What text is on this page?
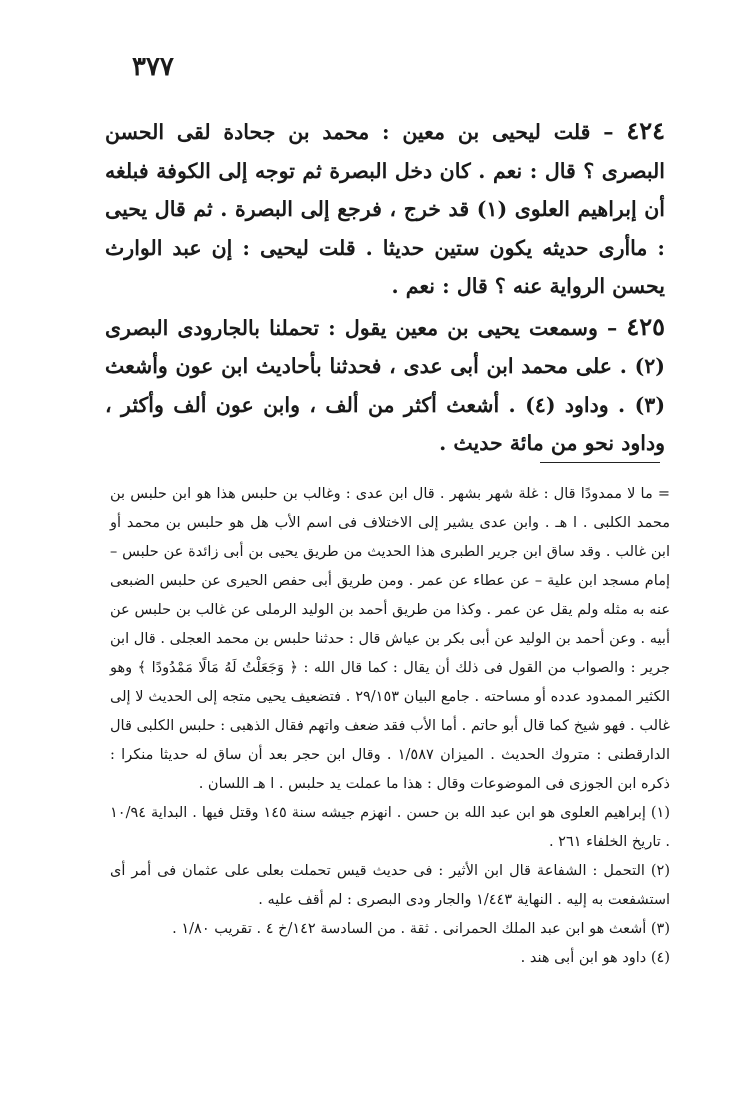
٣٧٧

٤٢٤ – قلت ليحيى بن معين : محمد بن جحادة لقى الحسن البصرى ؟ قال : نعم . كان دخل البصرة ثم توجه إلى الكوفة فبلغه أن إبراهيم العلوى (١) قد خرج ، فرجع إلى البصرة . ثم قال يحيى : ماأرى حديثه يكون ستين حديثا . قلت ليحيى : إن عبد الوارث يحسن الرواية عنه ؟ قال : نعم .

٤٢٥ – وسمعت يحيى بن معين يقول : تحملنا بالجارودى البصرى (٢) . على محمد ابن أبى عدى ، فحدثنا بأحاديث ابن عون وأشعث (٣) . وداود (٤) . أشعث أكثر من ألف ، وابن عون ألف وأكثر ، وداود نحو من مائة حديث .

= ما لا ممدودًا قال : غلة شهر بشهر . قال ابن عدى : وغالب بن حلبس هذا هو ابن حلبس بن محمد الكلبى . ا هـ . وابن عدى يشير إلى الاختلاف فى اسم الأب هل هو حلبس بن محمد أو ابن غالب . وقد ساق ابن جرير الطبرى هذا الحديث من طريق يحيى بن أبى زائدة عن حلبس – إمام مسجد ابن علية – عن عطاء عن عمر . ومن طريق أبى حفص الحيرى عن حلبس الضبعى عنه به مثله ولم يقل عن عمر . وكذا من طريق أحمد بن الوليد الرملى عن غالب بن حلبس عن أبيه . وعن أحمد بن الوليد عن أبى بكر بن عياش قال : حدثنا حلبس بن محمد العجلى . قال ابن جرير : والصواب من القول فى ذلك أن يقال : كما قال الله : ﴿ وَجَعَلْتُ لَهُ مَالًا مَمْدُودًا ﴾ وهو الكثير الممدود عدده أو مساحته . جامع البيان ٢٩/١٥٣ . فتضعيف يحيى متجه إلى الحديث لا إلى غالب . فهو شيخ كما قال أبو حاتم . أما الأب فقد ضعف واتهم فقال الذهبى : حلبس الكلبى قال الدارقطنى : متروك الحديث . الميزان ١/٥٨٧ . وقال ابن حجر بعد أن ساق له حديثا منكرا : ذكره ابن الجوزى فى الموضوعات وقال : هذا ما عملت يد حلبس . ا هـ اللسان .

(١) إبراهيم العلوى هو ابن عبد الله بن حسن . انهزم جيشه سنة ١٤٥ وقتل فيها . البداية ١٠/٩٤ . تاريخ الخلفاء ٢٦١ .

(٢) التحمل : الشفاعة قال ابن الأثير : فى حديث قيس تحملت بعلى على عثمان فى أمر أى استشفعت به إليه . النهاية ١/٤٤٣ والجار ودى البصرى : لم أقف عليه .

(٣) أشعث هو ابن عبد الملك الحمرانى . ثقة . من السادسة ١٤٢/خ ٤ . تقريب ١/٨٠ .

(٤) داود هو ابن أبى هند .
